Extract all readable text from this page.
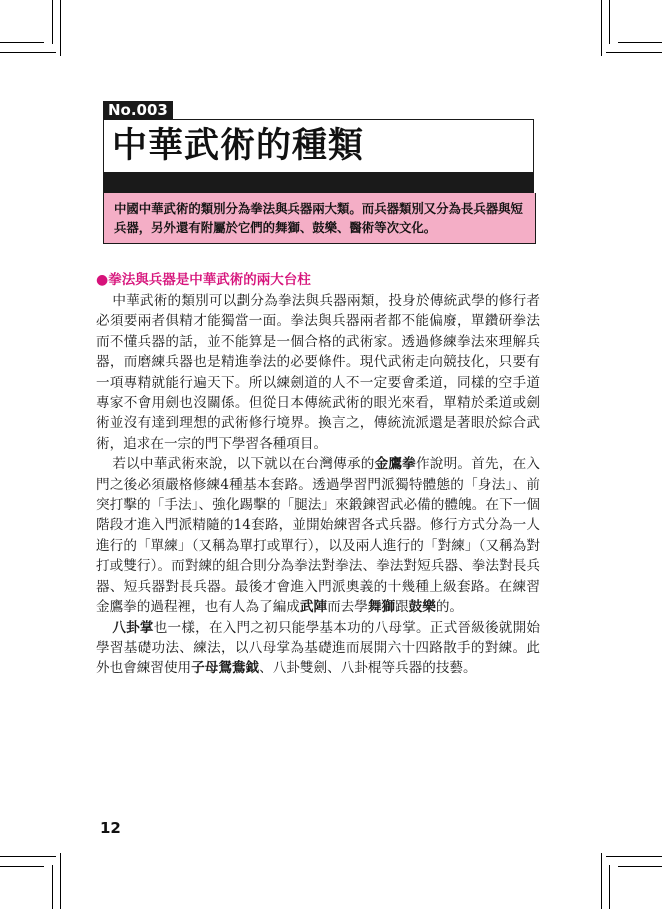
No.003
中華武術的種類
中國中華武術的類別分為拳法與兵器兩大類。而兵器類別又分為長兵器與短兵器，另外還有附屬於它們的舞獅、鼓樂、醫術等次文化。
●拳法與兵器是中華武術的兩大台柱

中華武術的類別可以劃分為拳法與兵器兩類，投身於傳統武學的修行者必須要兩者俱精才能獨當一面。拳法與兵器兩者都不能偏廢，單鑽研拳法而不懂兵器的話，並不能算是一個合格的武術家。透過修練拳法來理解兵器，而磨練兵器也是精進拳法的必要條件。現代武術走向競技化，只要有一項專精就能行遍天下。所以練劍道的人不一定要會柔道，同樣的空手道專家不會用劍也沒關係。但從日本傳統武術的眼光來看，單精於柔道或劍術並沒有達到理想的武術修行境界。換言之，傳統流派還是著眼於綜合武術，追求在一宗的門下學習各種項目。

若以中華武術來說，以下就以在台灣傳承的金鷹拳作說明。首先，在入門之後必須嚴格修練4種基本套路。透過學習門派獨特體態的「身法」、前突打擊的「手法」、強化踢擊的「腿法」來鍛鍊習武必備的體魄。在下一個階段才進入門派精隨的14套路，並開始練習各式兵器。修行方式分為一人進行的「單練」（又稱為單打或單行），以及兩人進行的「對練」（又稱為對打或雙行）。而對練的組合則分為拳法對拳法、拳法對短兵器、拳法對長兵器、短兵器對長兵器。最後才會進入門派奧義的十幾種上級套路。在練習金鷹拳的過程裡，也有人為了編成武陣而去學舞獅跟鼓樂的。

八卦掌也一樣，在入門之初只能學基本功的八母掌。正式晉級後就開始學習基礎功法、練法，以八母掌為基礎進而展開六十四路散手的對練。此外也會練習使用子母鴛鴦鉞、八卦雙劍、八卦棍等兵器的技藝。

12
